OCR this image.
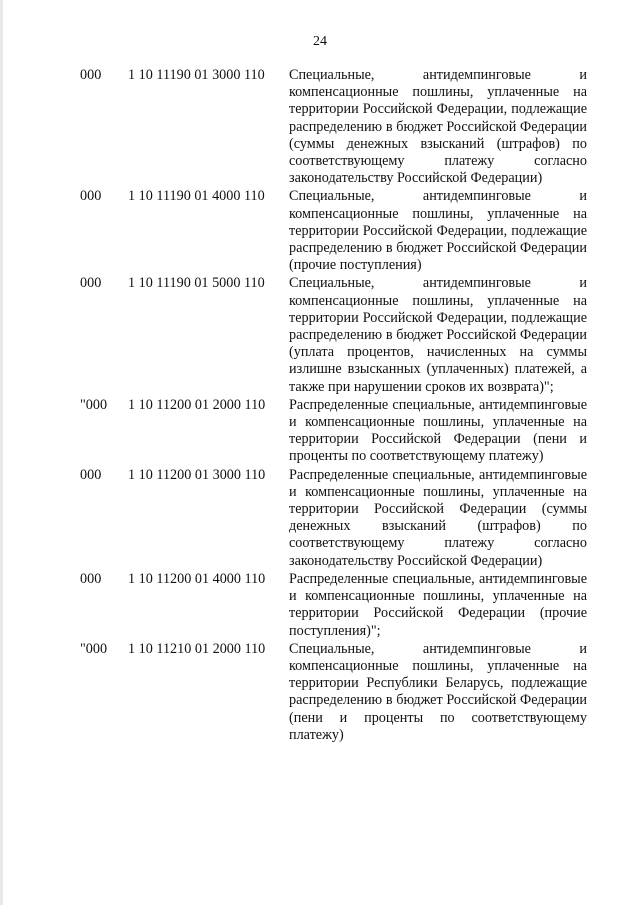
24
000	1 10 11190 01 3000 110	Специальные, антидемпинговые и компенсационные пошлины, уплаченные на территории Российской Федерации, подлежащие распределению в бюджет Российской Федерации (суммы денежных взысканий (штрафов) по соответствующему платежу согласно законодательству Российской Федерации)
000	1 10 11190 01 4000 110	Специальные, антидемпинговые и компенсационные пошлины, уплаченные на территории Российской Федерации, подлежащие распределению в бюджет Российской Федерации (прочие поступления)
000	1 10 11190 01 5000 110	Специальные, антидемпинговые и компенсационные пошлины, уплаченные на территории Российской Федерации, подлежащие распределению в бюджет Российской Федерации (уплата процентов, начисленных на суммы излишне взысканных (уплаченных) платежей, а также при нарушении сроков их возврата)";
"000	1 10 11200 01 2000 110	Распределенные специальные, антидемпинговые и компенсационные пошлины, уплаченные на территории Российской Федерации (пени и проценты по соответствующему платежу)
000	1 10 11200 01 3000 110	Распределенные специальные, антидемпинговые и компенсационные пошлины, уплаченные на территории Российской Федерации (суммы денежных взысканий (штрафов) по соответствующему платежу согласно законодательству Российской Федерации)
000	1 10 11200 01 4000 110	Распределенные специальные, антидемпинговые и компенсационные пошлины, уплаченные на территории Российской Федерации (прочие поступления)";
"000	1 10 11210 01 2000 110	Специальные, антидемпинговые и компенсационные пошлины, уплаченные на территории Республики Беларусь, подлежащие распределению в бюджет Российской Федерации (пени и проценты по соответствующему платежу)
